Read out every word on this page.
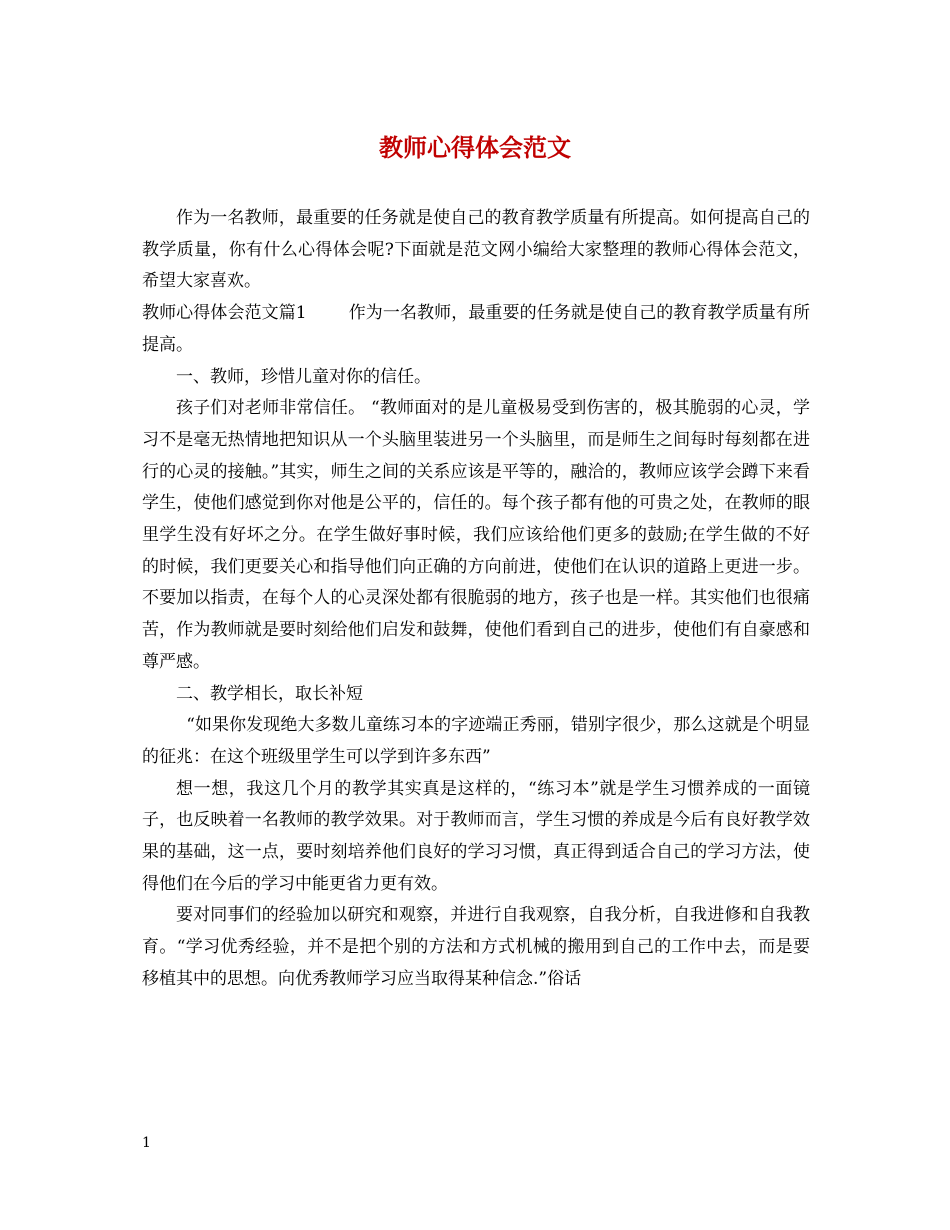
教师心得体会范文

作为一名教师，最重要的任务就是使自己的教育教学质量有所提高。如何提高自己的教学质量，你有什么心得体会呢?下面就是范文网小编给大家整理的教师心得体会范文，希望大家喜欢。

教师心得体会范文篇1 作为一名教师，最重要的任务就是使自己的教育教学质量有所提高。

一、教师，珍惜儿童对你的信任。

孩子们对老师非常信任。 “教师面对的是儿童极易受到伤害的，极其脆弱的心灵，学习不是毫无热情地把知识从一个头脑里装进另一个头脑里，而是师生之间每时每刻都在进行的心灵的接触。”其实，师生之间的关系应该是平等的，融洽的，教师应该学会蹲下来看学生，使他们感觉到你对他是公平的，信任的。每个孩子都有他的可贵之处，在教师的眼里学生没有好坏之分。在学生做好事时候，我们应该给他们更多的鼓励;在学生做的不好的时候，我们更要关心和指导他们向正确的方向前进，使他们在认识的道路上更进一步。不要加以指责，在每个人的心灵深处都有很脆弱的地方，孩子也是一样。其实他们也很痛苦，作为教师就是要时刻给他们启发和鼓舞，使他们看到自己的进步，使他们有自豪感和尊严感。

二、教学相长，取长补短

“如果你发现绝大多数儿童练习本的字迹端正秀丽，错别字很少，那么这就是个明显的征兆：在这个班级里学生可以学到许多东西”

想一想，我这几个月的教学其实真是这样的，“练习本”就是学生习惯养成的一面镜子，也反映着一名教师的教学效果。对于教师而言，学生习惯的养成是今后有良好教学效果的基础，这一点，要时刻培养他们良好的学习习惯，真正得到适合自己的学习方法，使得他们在今后的学习中能更省力更有效。

要对同事们的经验加以研究和观察，并进行自我观察，自我分析，自我进修和自我教育。“学习优秀经验，并不是把个别的方法和方式机械的搬用到自己的工作中去，而是要移植其中的思想。向优秀教师学习应当取得某种信念.”俗话

1
